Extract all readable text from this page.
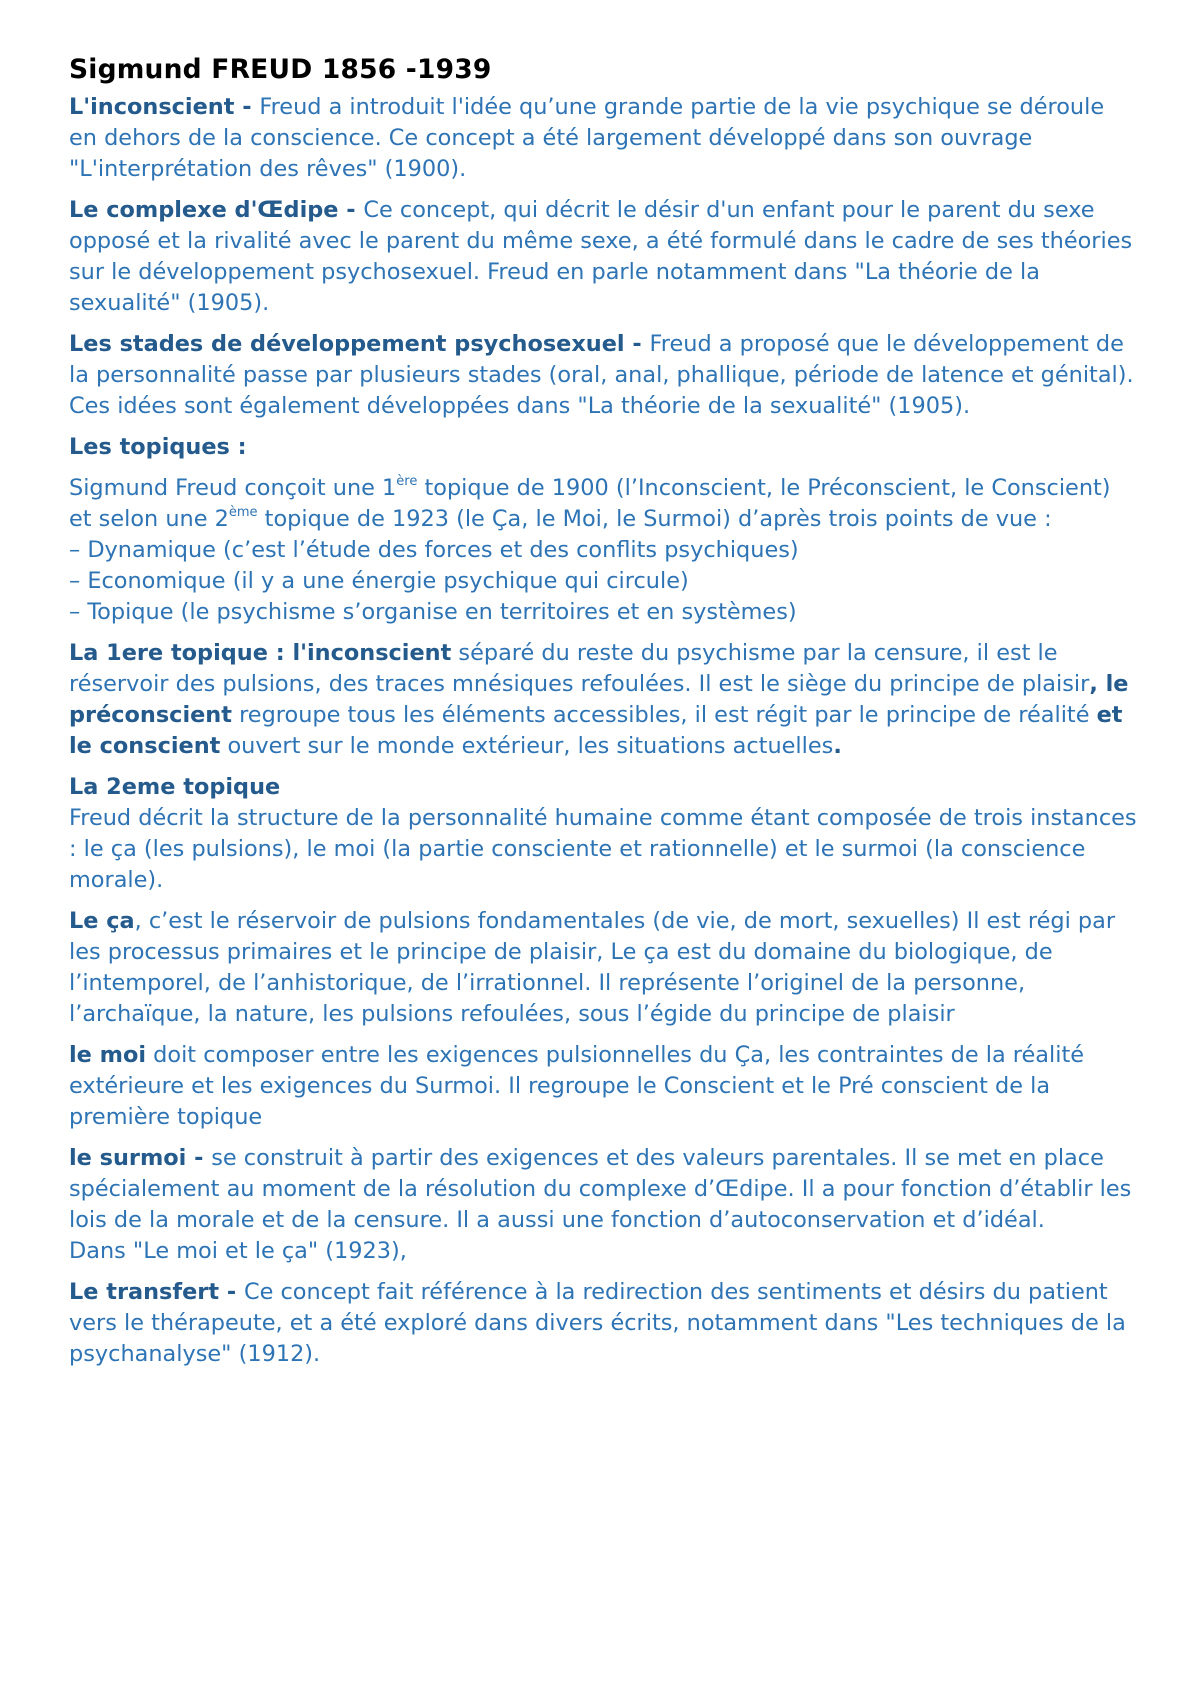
Sigmund FREUD 1856 -1939

L'inconscient - Freud a introduit l'idée qu’une grande partie de la vie psychique se déroule en dehors de la conscience. Ce concept a été largement développé dans son ouvrage "L'interprétation des rêves" (1900).

Le complexe d'Œdipe - Ce concept, qui décrit le désir d'un enfant pour le parent du sexe opposé et la rivalité avec le parent du même sexe, a été formulé dans le cadre de ses théories sur le développement psychosexuel. Freud en parle notamment dans "La théorie de la sexualité" (1905).

Les stades de développement psychosexuel - Freud a proposé que le développement de la personnalité passe par plusieurs stades (oral, anal, phallique, période de latence et génital). Ces idées sont également développées dans "La théorie de la sexualité" (1905).

Les topiques :

Sigmund Freud conçoit une 1ère topique de 1900 (l’Inconscient, le Préconscient, le Conscient) et selon une 2ème topique de 1923 (le Ça, le Moi, le Surmoi) d’après trois points de vue :
– Dynamique (c’est l’étude des forces et des conflits psychiques)
– Economique (il y a une énergie psychique qui circule)
– Topique (le psychisme s’organise en territoires et en systèmes)

La 1ere topique : l'inconscient séparé du reste du psychisme par la censure, il est le réservoir des pulsions, des traces mnésiques refoulées. Il est le siège du principe de plaisir, le préconscient regroupe tous les éléments accessibles, il est régit par le principe de réalité et le conscient ouvert sur le monde extérieur, les situations actuelles.

La 2eme topique
Freud décrit la structure de la personnalité humaine comme étant composée de trois instances : le ça (les pulsions), le moi (la partie consciente et rationnelle) et le surmoi (la conscience morale).

Le ça, c’est le réservoir de pulsions fondamentales (de vie, de mort, sexuelles) Il est régi par les processus primaires et le principe de plaisir, Le ça est du domaine du biologique, de l’intemporel, de l’anhistorique, de l’irrationnel. Il représente l’originel de la personne, l’archaïque, la nature, les pulsions refoulées, sous l’égide du principe de plaisir

le moi doit composer entre les exigences pulsionnelles du Ça, les contraintes de la réalité extérieure et les exigences du Surmoi. Il regroupe le Conscient et le Pré conscient de la première topique

le surmoi - se construit à partir des exigences et des valeurs parentales. Il se met en place spécialement au moment de la résolution du complexe d’Œdipe. Il a pour fonction d’établir les lois de la morale et de la censure. Il a aussi une fonction d’autoconservation et d’idéal.
Dans "Le moi et le ça" (1923),

Le transfert - Ce concept fait référence à la redirection des sentiments et désirs du patient vers le thérapeute, et a été exploré dans divers écrits, notamment dans "Les techniques de la psychanalyse" (1912).
